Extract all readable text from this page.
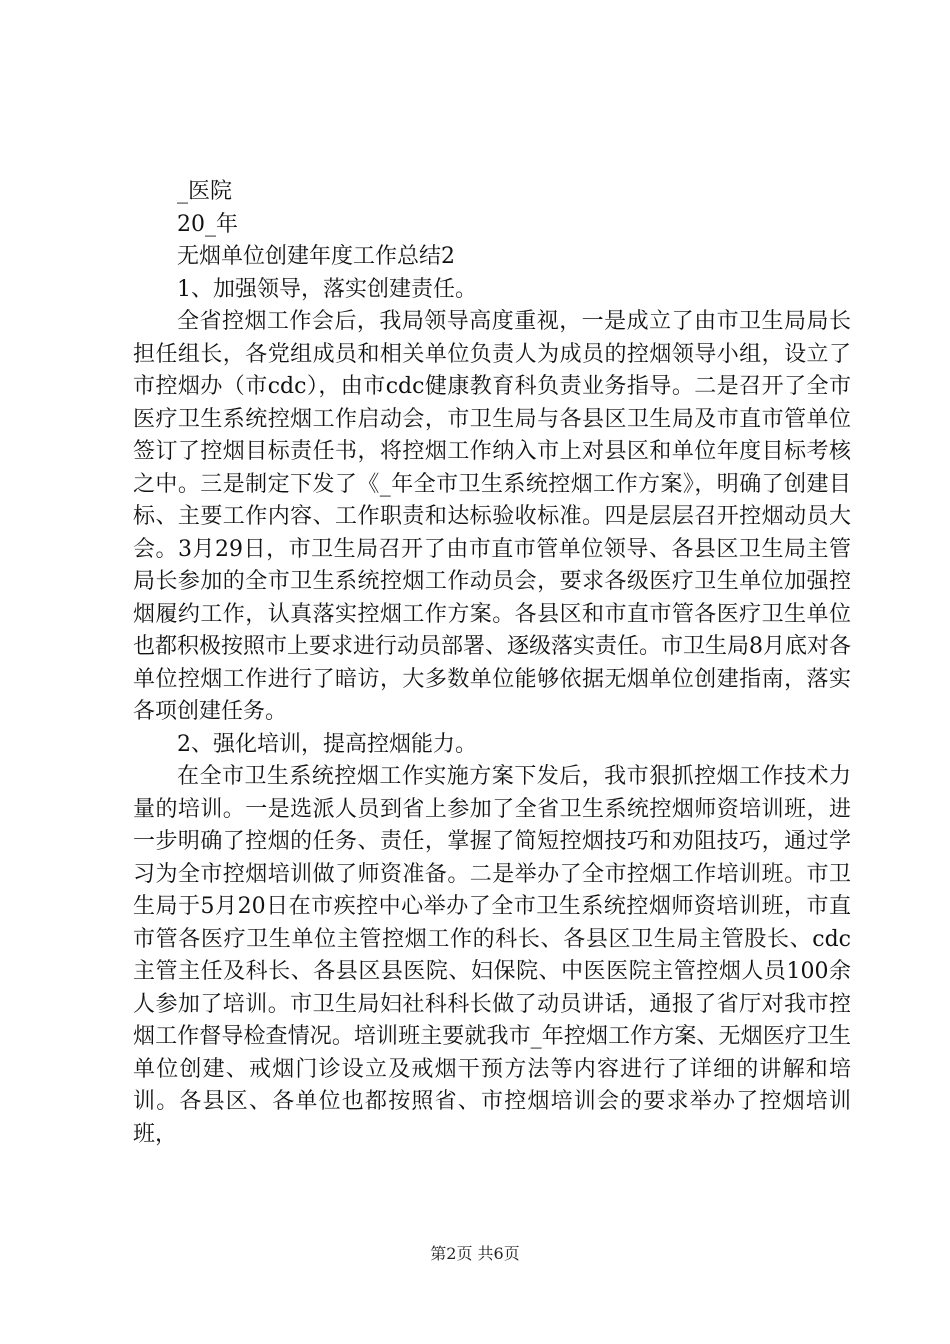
_医院

20_年

无烟单位创建年度工作总结2

1、加强领导，落实创建责任。

全省控烟工作会后，我局领导高度重视，一是成立了由市卫生局局长担任组长，各党组成员和相关单位负责人为成员的控烟领导小组，设立了市控烟办（市cdc），由市cdc健康教育科负责业务指导。二是召开了全市医疗卫生系统控烟工作启动会，市卫生局与各县区卫生局及市直市管单位签订了控烟目标责任书，将控烟工作纳入市上对县区和单位年度目标考核之中。三是制定下发了《_年全市卫生系统控烟工作方案》，明确了创建目标、主要工作内容、工作职责和达标验收标准。四是层层召开控烟动员大会。3月29日，市卫生局召开了由市直市管单位领导、各县区卫生局主管局长参加的全市卫生系统控烟工作动员会，要求各级医疗卫生单位加强控烟履约工作，认真落实控烟工作方案。各县区和市直市管各医疗卫生单位也都积极按照市上要求进行动员部署、逐级落实责任。市卫生局8月底对各单位控烟工作进行了暗访，大多数单位能够依据无烟单位创建指南，落实各项创建任务。

2、强化培训，提高控烟能力。

在全市卫生系统控烟工作实施方案下发后，我市狠抓控烟工作技术力量的培训。一是选派人员到省上参加了全省卫生系统控烟师资培训班，进一步明确了控烟的任务、责任，掌握了简短控烟技巧和劝阻技巧，通过学习为全市控烟培训做了师资准备。二是举办了全市控烟工作培训班。市卫生局于5月20日在市疾控中心举办了全市卫生系统控烟师资培训班，市直市管各医疗卫生单位主管控烟工作的科长、各县区卫生局主管股长、cdc主管主任及科长、各县区县医院、妇保院、中医医院主管控烟人员100余人参加了培训。市卫生局妇社科科长做了动员讲话，通报了省厅对我市控烟工作督导检查情况。培训班主要就我市_年控烟工作方案、无烟医疗卫生单位创建、戒烟门诊设立及戒烟干预方法等内容进行了详细的讲解和培训。各县区、各单位也都按照省、市控烟培训会的要求举办了控烟培训班，

第2页 共6页
